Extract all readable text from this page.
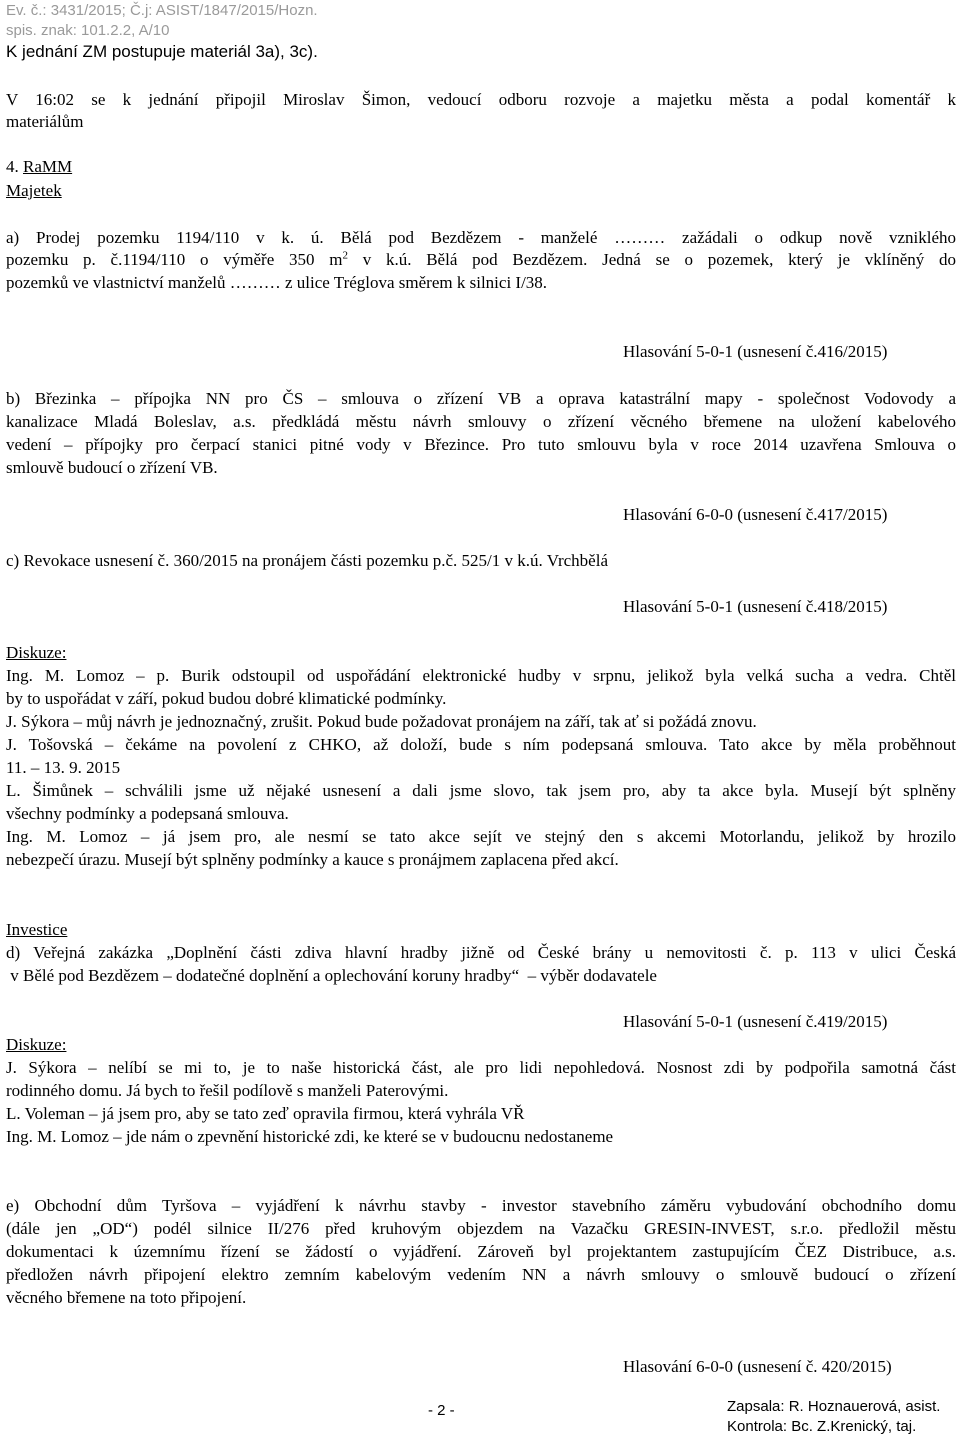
Ev. č.: 3431/2015; Č.j: ASIST/1847/2015/Hozn.
spis. znak: 101.2.2, A/10
K jednání ZM postupuje materiál 3a), 3c).
V 16:02 se k jednání připojil Miroslav Šimon, vedoucí odboru rozvoje a majetku města a podal komentář k
materiálům
4. RaMM
Majetek
a) Prodej pozemku 1194/110 v k. ú. Bělá pod Bezdězem - manželé ……… zažádali o odkup nově vzniklého
pozemku p. č.1194/110 o výměře 350 $m^2$ v k.ú. Bělá pod Bezdězem. Jedná se o pozemek, který je vklíněný do
pozemků ve vlastnictví manželů ……… z ulice Tréglova směrem k silnici I/38.
Hlasování 5-0-1 (usnesení č.416/2015)
b) Březinka – přípojka NN pro ČS – smlouva o zřízení VB a oprava katastrální mapy - společnost Vodovody a
kanalizace Mladá Boleslav, a.s. předkládá městu návrh smlouvy o zřízení věcného břemene na uložení kabelového
vedení – přípojky pro čerpací stanici pitné vody v Březince. Pro tuto smlouvu byla v roce 2014 uzavřena Smlouva o
smlouvě budoucí o zřízení VB.
Hlasování 6-0-0 (usnesení č.417/2015)
c) Revokace usnesení č. 360/2015 na pronájem části pozemku p.č. 525/1 v k.ú. Vrchbělá
Hlasování 5-0-1 (usnesení č.418/2015)
Diskuze:
Ing. M. Lomoz – p. Burik odstoupil od uspořádání elektronické hudby v srpnu, jelikož byla velká sucha a vedra. Chtěl
by to uspořádat v září, pokud budou dobré klimatické podmínky.
J. Sýkora – můj návrh je jednoznačný, zrušit. Pokud bude požadovat pronájem na září, tak ať si požádá znovu.
J. Tošovská – čekáme na povolení z CHKO, až doloží, bude s ním podepsaná smlouva. Tato akce by měla proběhnout
11. – 13. 9. 2015
L. Šimůnek – schválili jsme už nějaké usnesení a dali jsme slovo, tak jsem pro, aby ta akce byla. Musejí být splněny
všechny podmínky a podepsaná smlouva.
Ing. M. Lomoz – já jsem pro, ale nesmí se tato akce sejít ve stejný den s akcemi Motorlandu, jelikož by hrozilo
nebezpečí úrazu. Musejí být splněny podmínky a kauce s pronájmem zaplacena před akcí.
Investice
d) Veřejná zakázka „Doplnění části zdiva hlavní hradby jižně od České brány u nemovitosti č. p. 113 v ulici Česká
v Bělé pod Bezdězem – dodatečné doplnění a oplechování koruny hradby“  – výběr dodavatele
Hlasování 5-0-1 (usnesení č.419/2015)
Diskuze:
J. Sýkora – nelíbí se mi to, je to naše historická část, ale pro lidi nepohledová. Nosnost zdi by podpořila samotná část
rodinného domu. Já bych to řešil podílově s manželi Paterovými.
L. Voleman – já jsem pro, aby se tato zeď opravila firmou, která vyhrála VŘ
Ing. M. Lomoz – jde nám o zpevnění historické zdi, ke které se v budoucnu nedostaneme
e) Obchodní dům Tyršova – vyjádření k návrhu stavby - investor stavebního záměru vybudování obchodního domu
(dále jen „OD“) podél silnice II/276 před kruhovým objezdem na Vazačku GRESIN-INVEST, s.r.o. předložil městu
dokumentaci k územnímu řízení se žádostí o vyjádření. Zároveň byl projektantem zastupujícím ČEZ Distribuce, a.s.
předložen návrh připojení elektro zemním kabelovým vedením NN a návrh smlouvy o smlouvě budoucí o zřízení
věcného břemene na toto připojení.
Hlasování 6-0-0 (usnesení č. 420/2015)
- 2 -	Zapsala: R. Hoznauerová, asist.
Kontrola: Bc. Z.Krenický, taj.
